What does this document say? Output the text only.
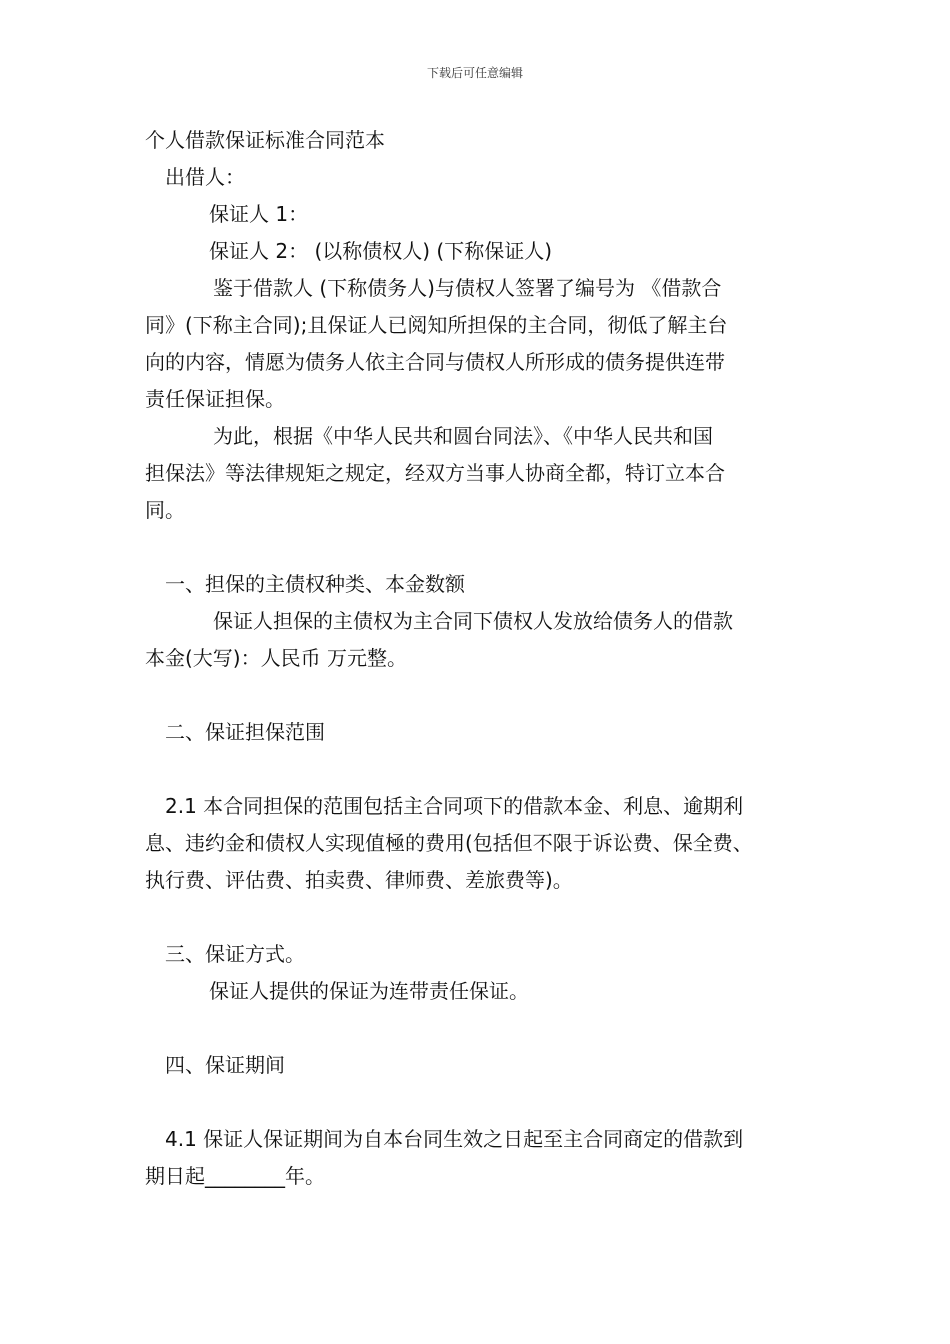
下载后可任意编辑

个人借款保证标准合同范本

出借人：

保证人 1：

保证人 2： (以称债权人) (下称保证人)

鉴于借款人 (下称债务人)与债权人签署了编号为 《借款合

同》(下称主合同);且保证人已阅知所担保的主合同，彻低了解主台

向的内容，情愿为债务人依主合同与债权人所形成的债务提供连带

责任保证担保。

为此，根据《中华人民共和圆台同法》、《中华人民共和国

担保法》等法律规矩之规定，经双方当事人协商全都，特订立本合

同。

一、担保的主债权种类、本金数额

保证人担保的主债权为主合同下债权人发放给债务人的借款

本金(大写)：人民币 万元整。

二、保证担保范围

2.1 本合同担保的范围包括主合同项下的借款本金、利息、逾期利

息、违约金和债权人实现值極的费用(包括但不限于诉讼费、保全费、

执行费、评估费、拍卖费、律师费、差旅费等)。

三、保证方式。

保证人提供的保证为连带责任保证。

四、保证期间

4.1 保证人保证期间为自本台同生效之日起至主合同商定的借款到

期日起________年。
